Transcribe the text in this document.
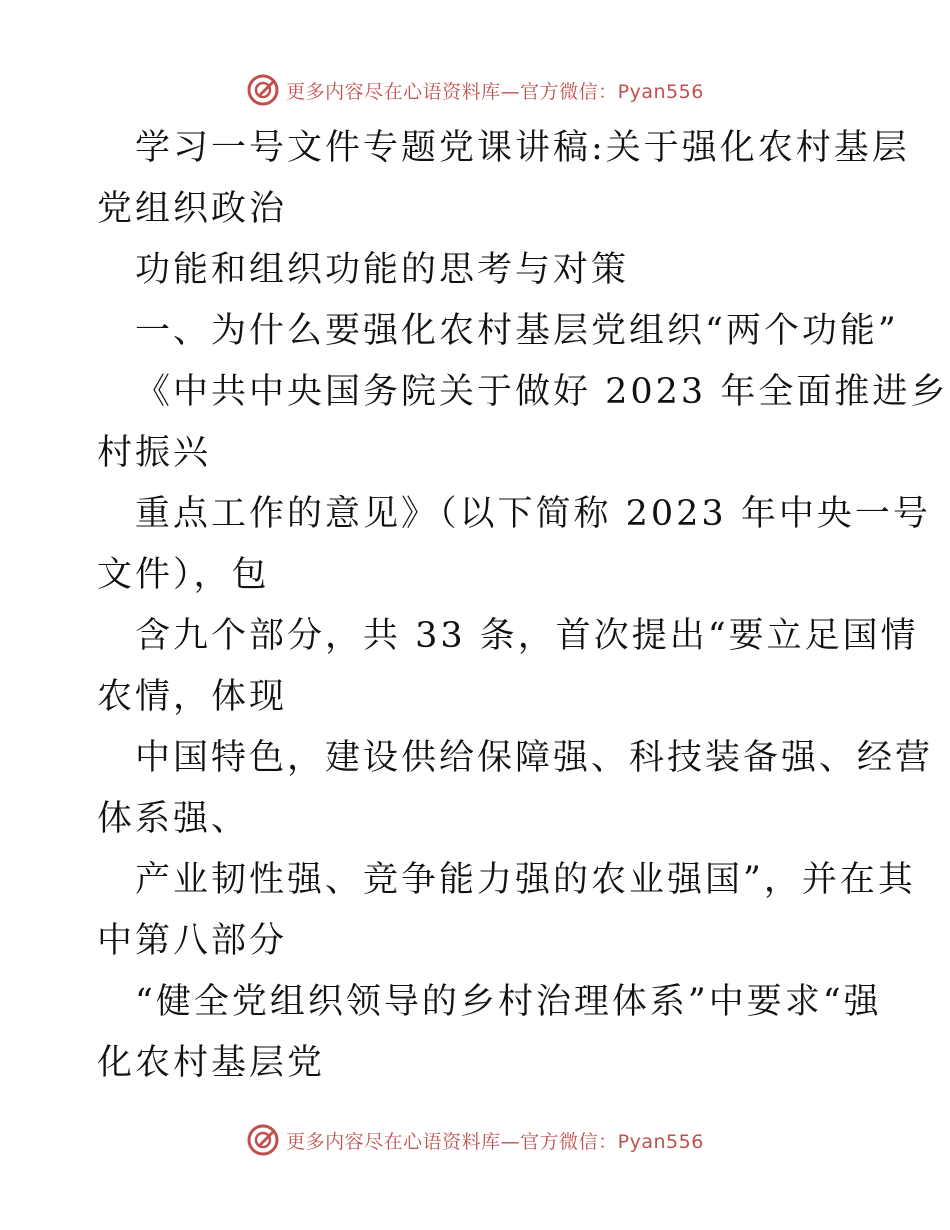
更多内容尽在心语资料库—官方微信：Pyan556
学习一号文件专题党课讲稿:关于强化农村基层
党组织政治
功能和组织功能的思考与对策
一、为什么要强化农村基层党组织“两个功能”
《中共中央国务院关于做好 2023 年全面推进乡
村振兴
重点工作的意见》（以下简称 2023 年中央一号
文件），包
含九个部分，共 33 条，首次提出“要立足国情
农情，体现
中国特色，建设供给保障强、科技装备强、经营
体系强、
产业韧性强、竞争能力强的农业强国”，并在其
中第八部分
“健全党组织领导的乡村治理体系”中要求“强
化农村基层党
更多内容尽在心语资料库—官方微信：Pyan556
